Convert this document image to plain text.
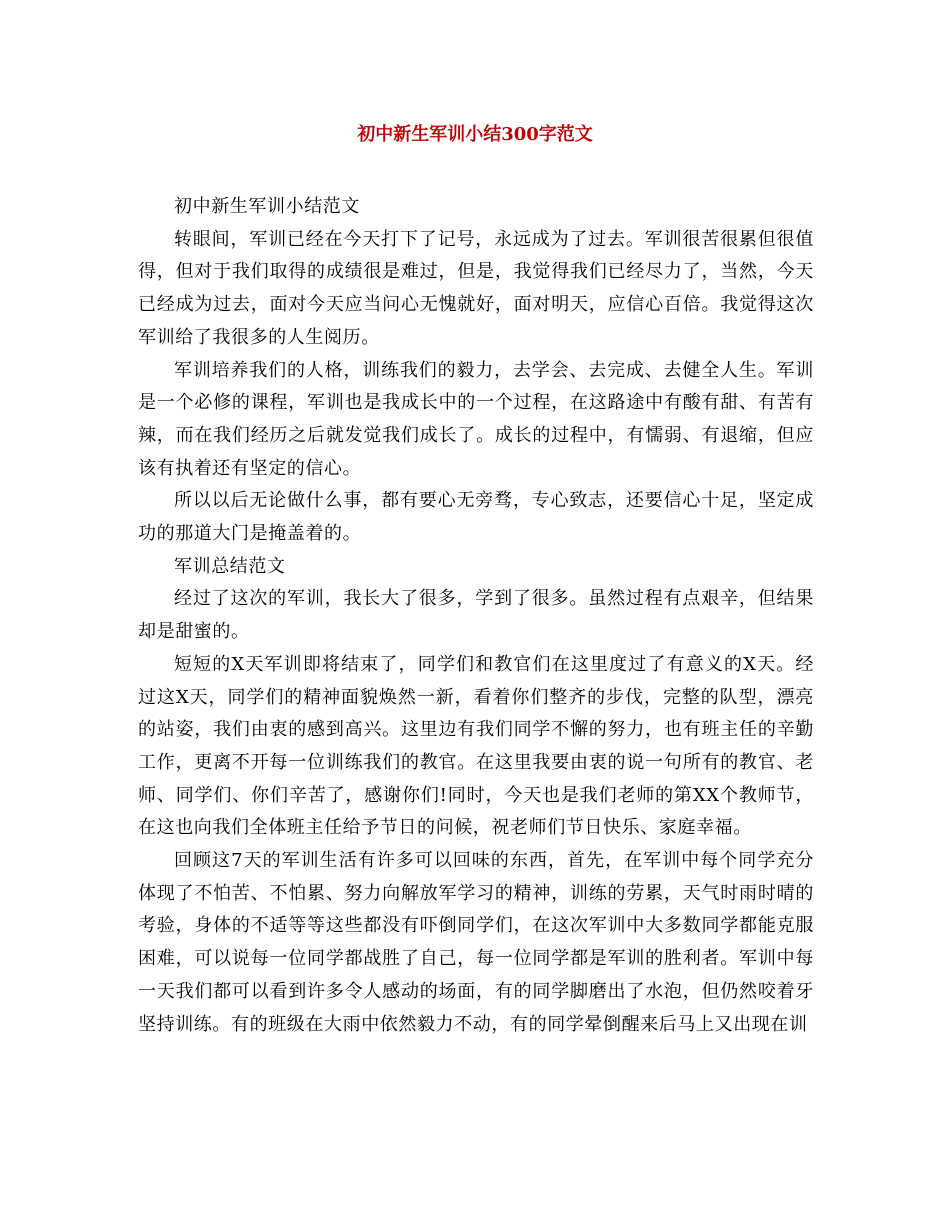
初中新生军训小结300字范文

初中新生军训小结范文

转眼间，军训已经在今天打下了记号，永远成为了过去。军训很苦很累但很值得，但对于我们取得的成绩很是难过，但是，我觉得我们已经尽力了，当然，今天已经成为过去，面对今天应当问心无愧就好，面对明天，应信心百倍。我觉得这次军训给了我很多的人生阅历。

军训培养我们的人格，训练我们的毅力，去学会、去完成、去健全人生。军训是一个必修的课程，军训也是我成长中的一个过程，在这路途中有酸有甜、有苦有辣，而在我们经历之后就发觉我们成长了。成长的过程中，有懦弱、有退缩，但应该有执着还有坚定的信心。

所以以后无论做什么事，都有要心无旁骛，专心致志，还要信心十足，坚定成功的那道大门是掩盖着的。

军训总结范文

经过了这次的军训，我长大了很多，学到了很多。虽然过程有点艰辛，但结果却是甜蜜的。

短短的X天军训即将结束了，同学们和教官们在这里度过了有意义的X天。经过这X天，同学们的精神面貌焕然一新，看着你们整齐的步伐，完整的队型，漂亮的站姿，我们由衷的感到高兴。这里边有我们同学不懈的努力，也有班主任的辛勤工作，更离不开每一位训练我们的教官。在这里我要由衷的说一句所有的教官、老师、同学们、你们辛苦了，感谢你们!同时，今天也是我们老师的第XX个教师节，在这也向我们全体班主任给予节日的问候，祝老师们节日快乐、家庭幸福。

回顾这7天的军训生活有许多可以回味的东西，首先，在军训中每个同学充分体现了不怕苦、不怕累、努力向解放军学习的精神，训练的劳累，天气时雨时晴的考验，身体的不适等等这些都没有吓倒同学们，在这次军训中大多数同学都能克服困难，可以说每一位同学都战胜了自己，每一位同学都是军训的胜利者。军训中每一天我们都可以看到许多令人感动的场面，有的同学脚磨出了水泡，但仍然咬着牙坚持训练。有的班级在大雨中依然毅力不动，有的同学晕倒醒来后马上又出现在训
